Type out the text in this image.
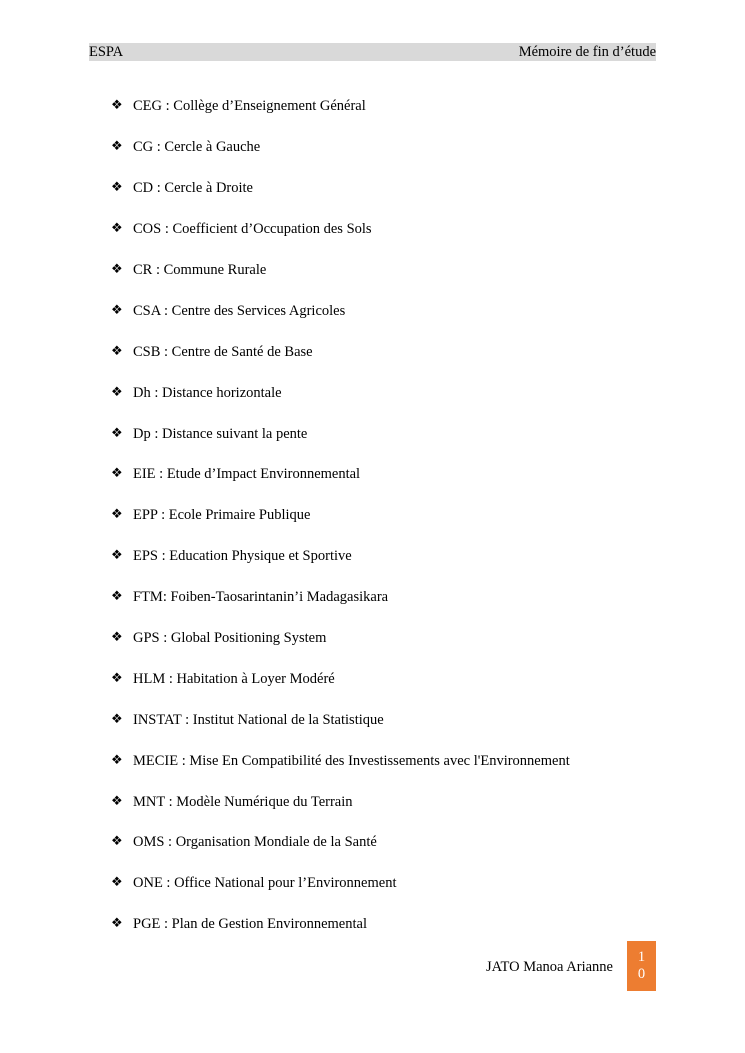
ESPA	Mémoire de fin d’étude
❖ CEG : Collège d’Enseignement Général
❖ CG : Cercle à Gauche
❖ CD : Cercle à Droite
❖ COS : Coefficient d’Occupation des Sols
❖ CR : Commune Rurale
❖ CSA : Centre des Services Agricoles
❖ CSB : Centre de Santé de Base
❖ Dh : Distance horizontale
❖ Dp : Distance suivant la pente
❖ EIE : Etude d’Impact Environnemental
❖ EPP : Ecole Primaire Publique
❖ EPS : Education Physique et Sportive
❖ FTM: Foiben-Taosarintanin’i Madagasikara
❖ GPS : Global Positioning System
❖ HLM : Habitation à Loyer Modéré
❖ INSTAT : Institut National de la Statistique
❖ MECIE : Mise En Compatibilité des Investissements avec l'Environnement
❖ MNT : Modèle Numérique du Terrain
❖ OMS : Organisation Mondiale de la Santé
❖ ONE : Office National pour l’Environnement
❖ PGE : Plan de Gestion Environnemental
JATO Manoa Arianne
1
0
